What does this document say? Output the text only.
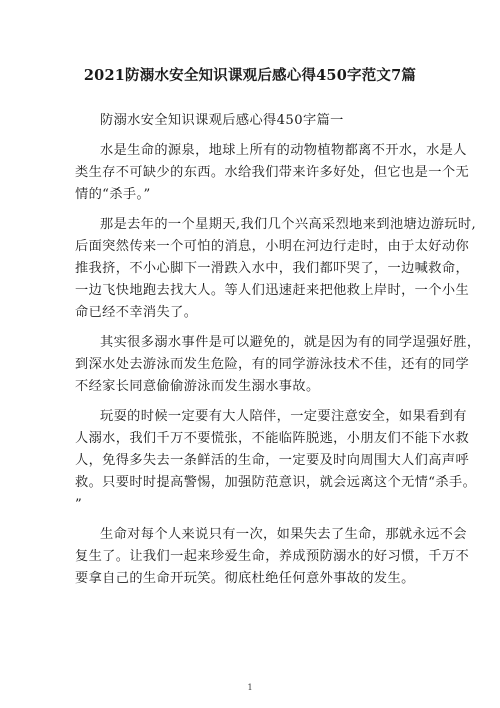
2021防溺水安全知识课观后感心得450字范文7篇
防溺水安全知识课观后感心得450字篇一
水是生命的源泉，地球上所有的动物植物都离不开水，水是人
类生存不可缺少的东西。水给我们带来许多好处，但它也是一个无
情的“杀手。”
那是去年的一个星期天,我们几个兴高采烈地来到池塘边游玩时,
后面突然传来一个可怕的消息，小明在河边行走时，由于太好动你
推我挤，不小心脚下一滑跌入水中，我们都吓哭了，一边喊救命，
一边飞快地跑去找大人。等人们迅速赶来把他救上岸时，一个小生
命已经不幸消失了。
其实很多溺水事件是可以避免的，就是因为有的同学逞强好胜，
到深水处去游泳而发生危险，有的同学游泳技术不佳，还有的同学
不经家长同意偷偷游泳而发生溺水事故。
玩耍的时候一定要有大人陪伴，一定要注意安全，如果看到有
人溺水，我们千万不要慌张，不能临阵脱逃，小朋友们不能下水救
人，免得多失去一条鲜活的生命，一定要及时向周围大人们高声呼
救。只要时时提高警惕，加强防范意识，就会远离这个无情“杀手。
”
生命对每个人来说只有一次，如果失去了生命，那就永远不会
复生了。让我们一起来珍爱生命，养成预防溺水的好习惯，千万不
要拿自己的生命开玩笑。彻底杜绝任何意外事故的发生。
1
